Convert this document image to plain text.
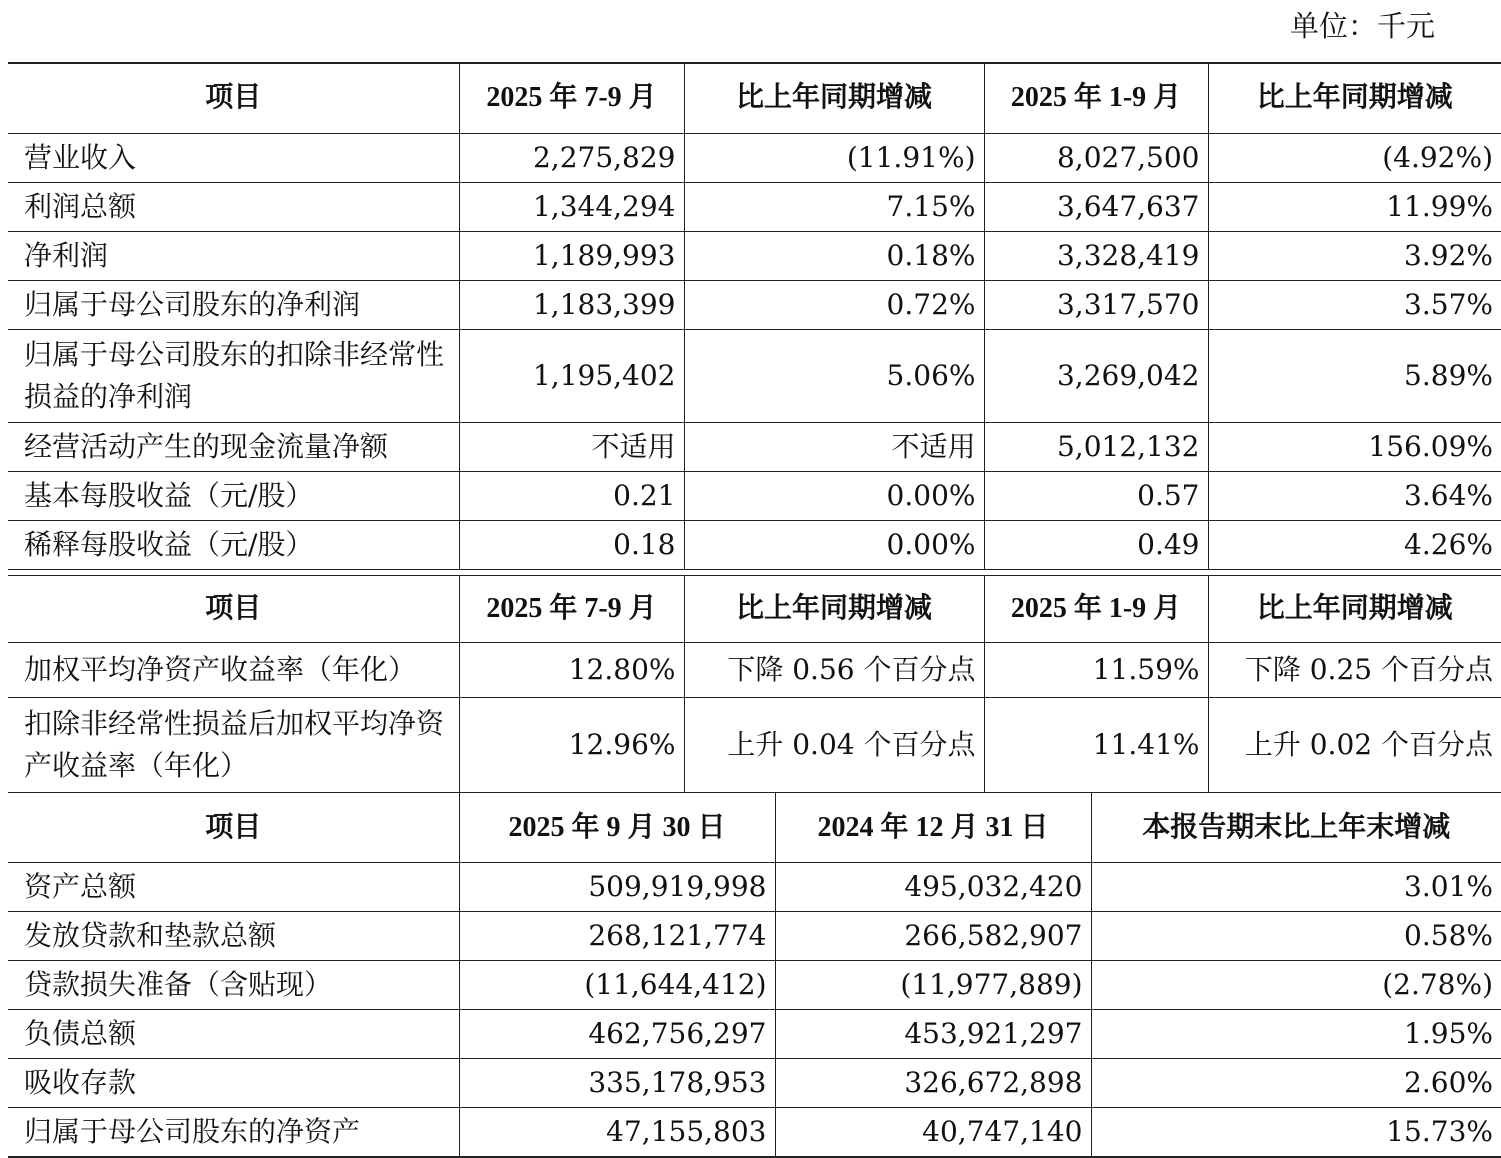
单位：千元
项目	2025 年 7-9 月	比上年同期增减	2025 年 1-9 月	比上年同期增减
营业收入	2,275,829	(11.91%)	8,027,500	(4.92%)
利润总额	1,344,294	7.15%	3,647,637	11.99%
净利润	1,189,993	0.18%	3,328,419	3.92%
归属于母公司股东的净利润	1,183,399	0.72%	3,317,570	3.57%
归属于母公司股东的扣除非经常性损益的净利润	1,195,402	5.06%	3,269,042	5.89%
经营活动产生的现金流量净额	不适用	不适用	5,012,132	156.09%
基本每股收益（元/股）	0.21	0.00%	0.57	3.64%
稀释每股收益（元/股）	0.18	0.00%	0.49	4.26%
项目	2025 年 7-9 月	比上年同期增减	2025 年 1-9 月	比上年同期增减
加权平均净资产收益率（年化）	12.80%	下降 0.56 个百分点	11.59%	下降 0.25 个百分点
扣除非经常性损益后加权平均净资产收益率（年化）	12.96%	上升 0.04 个百分点	11.41%	上升 0.02 个百分点
项目	2025 年 9 月 30 日	2024 年 12 月 31 日	本报告期末比上年末增减
资产总额	509,919,998	495,032,420	3.01%
发放贷款和垫款总额	268,121,774	266,582,907	0.58%
贷款损失准备（含贴现）	(11,644,412)	(11,977,889)	(2.78%)
负债总额	462,756,297	453,921,297	1.95%
吸收存款	335,178,953	326,672,898	2.60%
归属于母公司股东的净资产	47,155,803	40,747,140	15.73%
